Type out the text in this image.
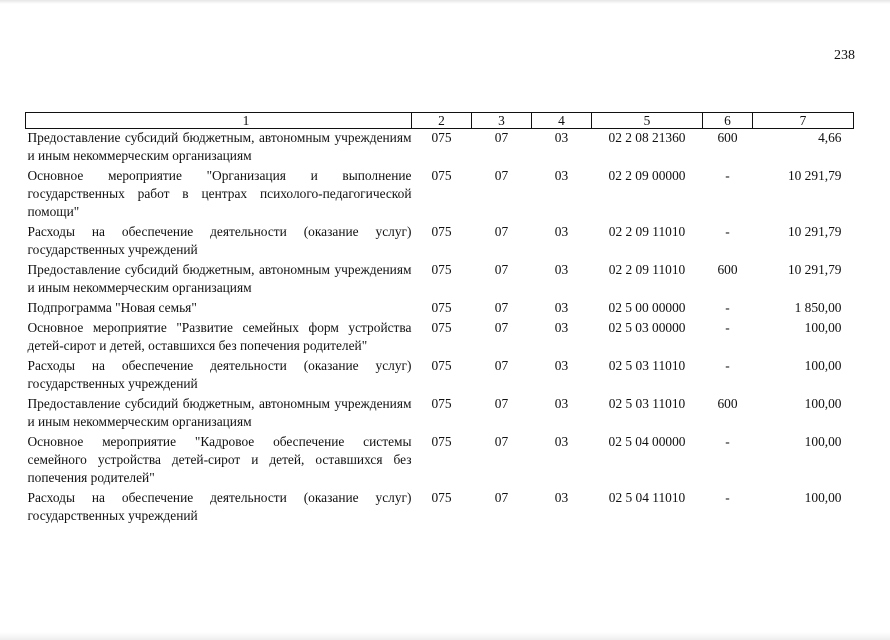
238
1	2	3	4	5	6	7
Предоставление субсидий бюджетным, автономным учреждениям и иным некоммерческим организациям	075	07	03	02 2 08 21360	600	4,66
Основное мероприятие "Организация и выполнение государственных работ в центрах психолого-педагогической помощи"	075	07	03	02 2 09 00000	-	10 291,79
Расходы на обеспечение деятельности (оказание услуг) государственных учреждений	075	07	03	02 2 09 11010	-	10 291,79
Предоставление субсидий бюджетным, автономным учреждениям и иным некоммерческим организациям	075	07	03	02 2 09 11010	600	10 291,79
Подпрограмма "Новая семья"	075	07	03	02 5 00 00000	-	1 850,00
Основное мероприятие "Развитие семейных форм устройства детей-сирот и детей, оставшихся без попечения родителей"	075	07	03	02 5 03 00000	-	100,00
Расходы на обеспечение деятельности (оказание услуг) государственных учреждений	075	07	03	02 5 03 11010	-	100,00
Предоставление субсидий бюджетным, автономным учреждениям и иным некоммерческим организациям	075	07	03	02 5 03 11010	600	100,00
Основное мероприятие "Кадровое обеспечение системы семейного устройства детей-сирот и детей, оставшихся без попечения родителей"	075	07	03	02 5 04 00000	-	100,00
Расходы на обеспечение деятельности (оказание услуг) государственных учреждений	075	07	03	02 5 04 11010	-	100,00
